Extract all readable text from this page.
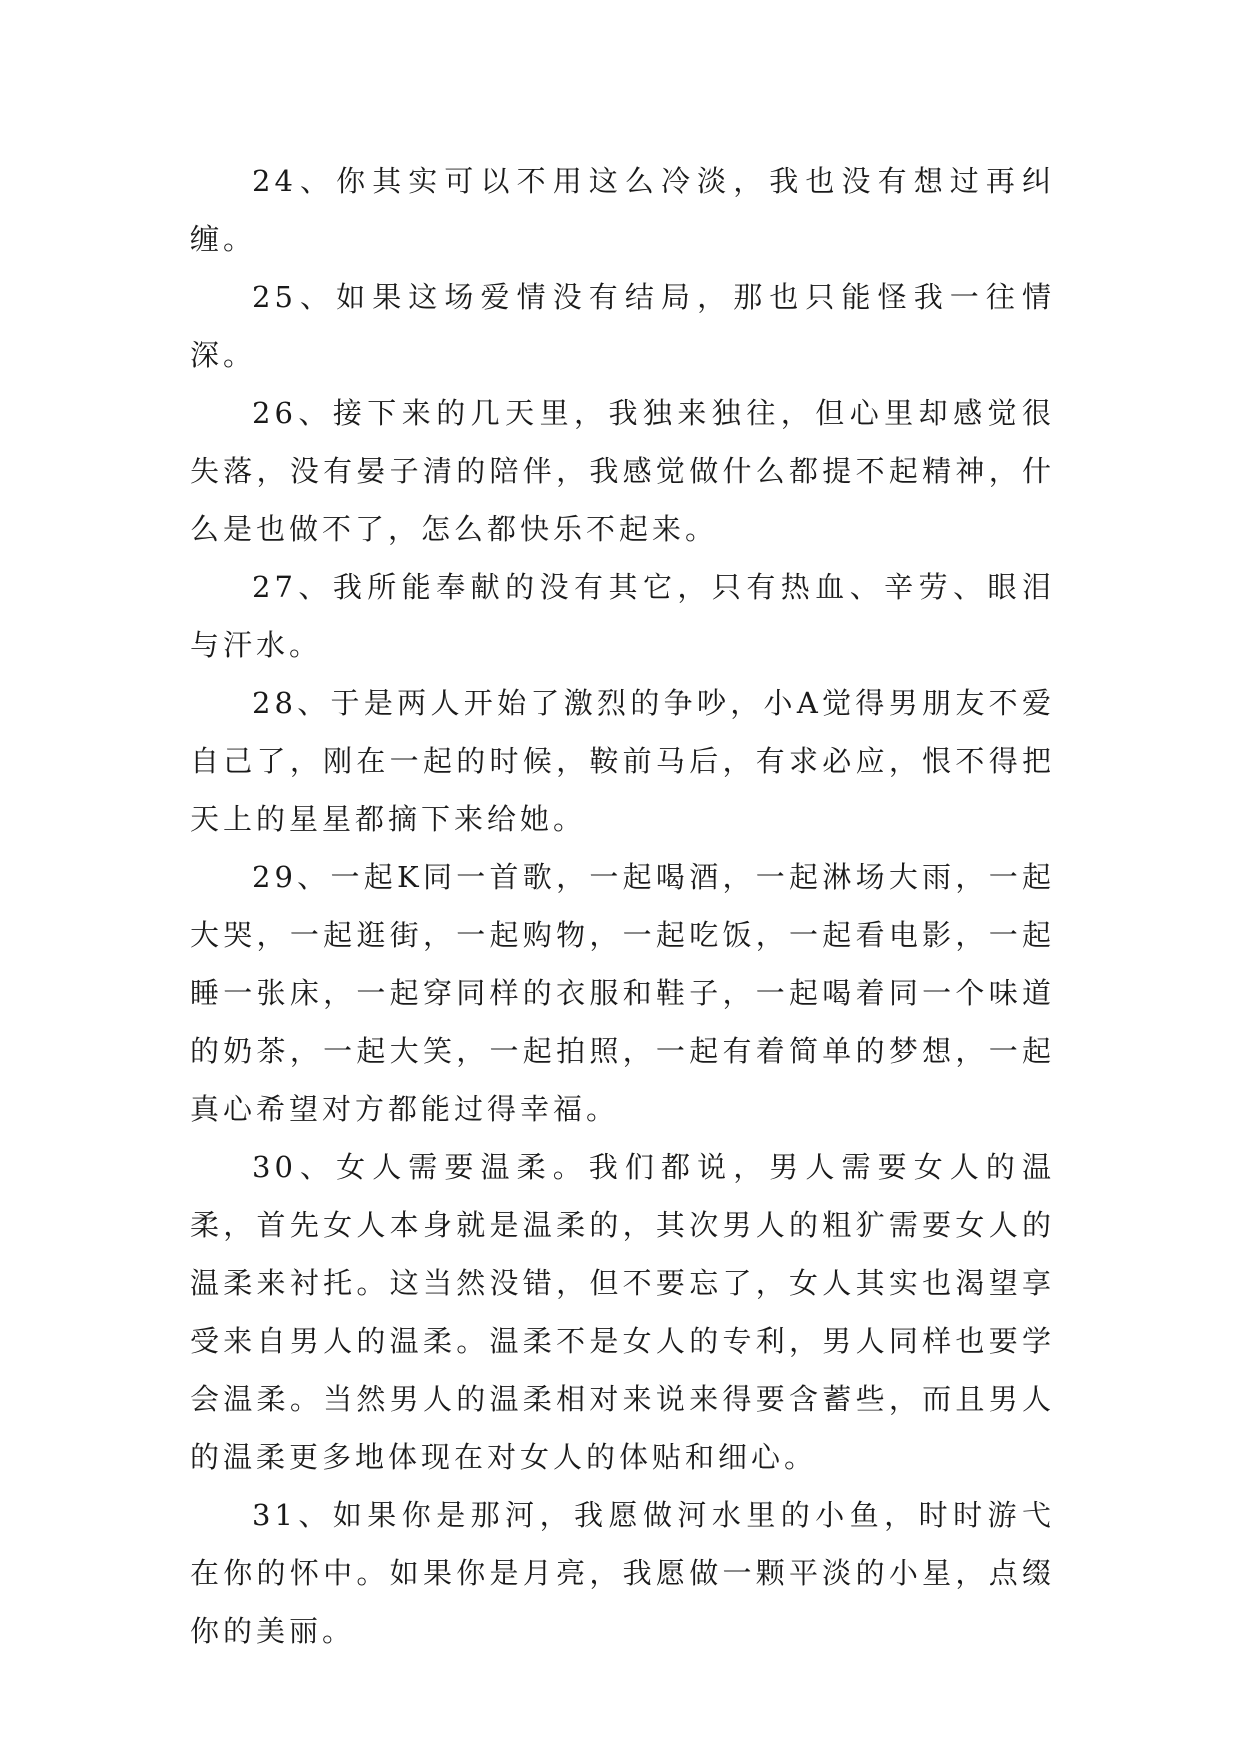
24、你其实可以不用这么冷淡，我也没有想过再纠缠。

25、如果这场爱情没有结局，那也只能怪我一往情深。

26、接下来的几天里，我独来独往，但心里却感觉很失落，没有晏子清的陪伴，我感觉做什么都提不起精神，什么是也做不了，怎么都快乐不起来。

27、我所能奉献的没有其它，只有热血、辛劳、眼泪与汗水。

28、于是两人开始了激烈的争吵，小A觉得男朋友不爱自己了，刚在一起的时候，鞍前马后，有求必应，恨不得把天上的星星都摘下来给她。

29、一起K同一首歌，一起喝酒，一起淋场大雨，一起大哭，一起逛街，一起购物，一起吃饭，一起看电影，一起睡一张床，一起穿同样的衣服和鞋子，一起喝着同一个味道的奶茶，一起大笑，一起拍照，一起有着简单的梦想，一起真心希望对方都能过得幸福。

30、女人需要温柔。我们都说，男人需要女人的温柔，首先女人本身就是温柔的，其次男人的粗犷需要女人的温柔来衬托。这当然没错，但不要忘了，女人其实也渴望享受来自男人的温柔。温柔不是女人的专利，男人同样也要学会温柔。当然男人的温柔相对来说来得要含蓄些，而且男人的温柔更多地体现在对女人的体贴和细心。

31、如果你是那河，我愿做河水里的小鱼，时时游弋在你的怀中。如果你是月亮，我愿做一颗平淡的小星，点缀你的美丽。
